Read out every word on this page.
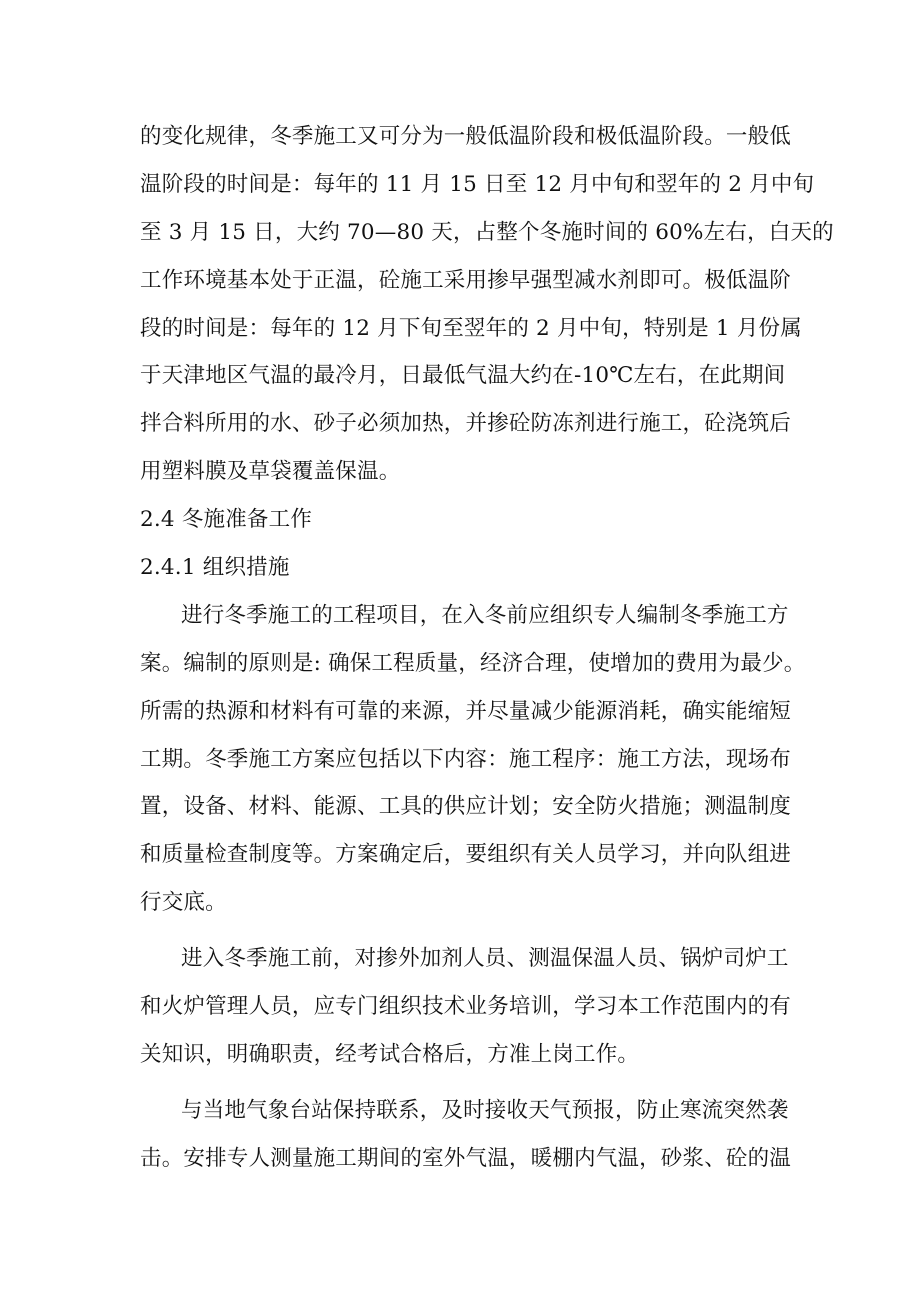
的变化规律，冬季施工又可分为一般低温阶段和极低温阶段。一般低
温阶段的时间是：每年的 11 月 15 日至 12 月中旬和翌年的 2 月中旬
至 3 月 15 日，大约 70—80 天，占整个冬施时间的 60%左右，白天的
工作环境基本处于正温，砼施工采用掺早强型减水剂即可。极低温阶
段的时间是：每年的 12 月下旬至翌年的 2 月中旬，特别是 1 月份属
于天津地区气温的最冷月，日最低气温大约在-10℃左右，在此期间
拌合料所用的水、砂子必须加热，并掺砼防冻剂进行施工，砼浇筑后
用塑料膜及草袋覆盖保温。
2.4 冬施准备工作
2.4.1 组织措施
进行冬季施工的工程项目，在入冬前应组织专人编制冬季施工方
案。编制的原则是: 确保工程质量，经济合理，使增加的费用为最少。
所需的热源和材料有可靠的来源，并尽量减少能源消耗，确实能缩短
工期。冬季施工方案应包括以下内容：施工程序：施工方法，现场布
置，设备、材料、能源、工具的供应计划；安全防火措施；测温制度
和质量检查制度等。方案确定后，要组织有关人员学习，并向队组进
行交底。
进入冬季施工前，对掺外加剂人员、测温保温人员、锅炉司炉工
和火炉管理人员，应专门组织技术业务培训，学习本工作范围内的有
关知识，明确职责，经考试合格后，方准上岗工作。
与当地气象台站保持联系，及时接收天气预报，防止寒流突然袭
击。安排专人测量施工期间的室外气温，暖棚内气温，砂浆、砼的温
